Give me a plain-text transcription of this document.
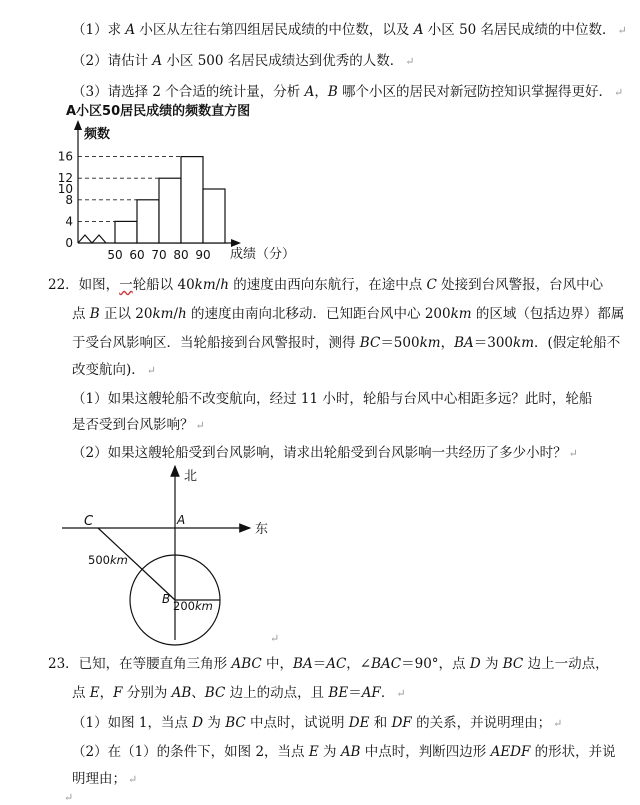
（1）求 A 小区从左往右第四组居民成绩的中位数，以及 A 小区 50 名居民成绩的中位数． ↵
（2）请估计 A 小区 500 名居民成绩达到优秀的人数． ↵
（3）请选择 2 个合适的统计量，分析 A，B 哪个小区的居民对新冠防控知识掌握得更好． ↵
A小区50居民成绩的频数直方图
频数
成绩（分）
0
4
8
10
12
16
50 60 70 80 90
22．如图，一轮船以 40km/h 的速度由西向东航行，在途中点 C 处接到台风警报，台风中心
点 B 正以 20km/h 的速度由南向北移动．已知距台风中心 200km 的区域（包括边界）都属
于受台风影响区．当轮船接到台风警报时，测得 BC＝500km，BA＝300km．(假定轮船不
改变航向)． ↵
（1）如果这艘轮船不改变航向，经过 11 小时，轮船与台风中心相距多远？此时，轮船
是否受到台风影响？ ↵
（2）如果这艘轮船受到台风影响，请求出轮船受到台风影响一共经历了多少小时？ ↵
北
东
C	A
B
500km
200km
↵
23．已知，在等腰直角三角形 ABC 中，BA＝AC，∠BAC＝90°，点 D 为 BC 边上一动点，
点 E，F 分别为 AB、BC 边上的动点，且 BE＝AF． ↵
（1）如图 1，当点 D 为 BC 中点时，试说明 DE 和 DF 的关系，并说明理由； ↵
（2）在（1）的条件下，如图 2，当点 E 为 AB 中点时，判断四边形 AEDF 的形状，并说
明理由； ↵
↵
